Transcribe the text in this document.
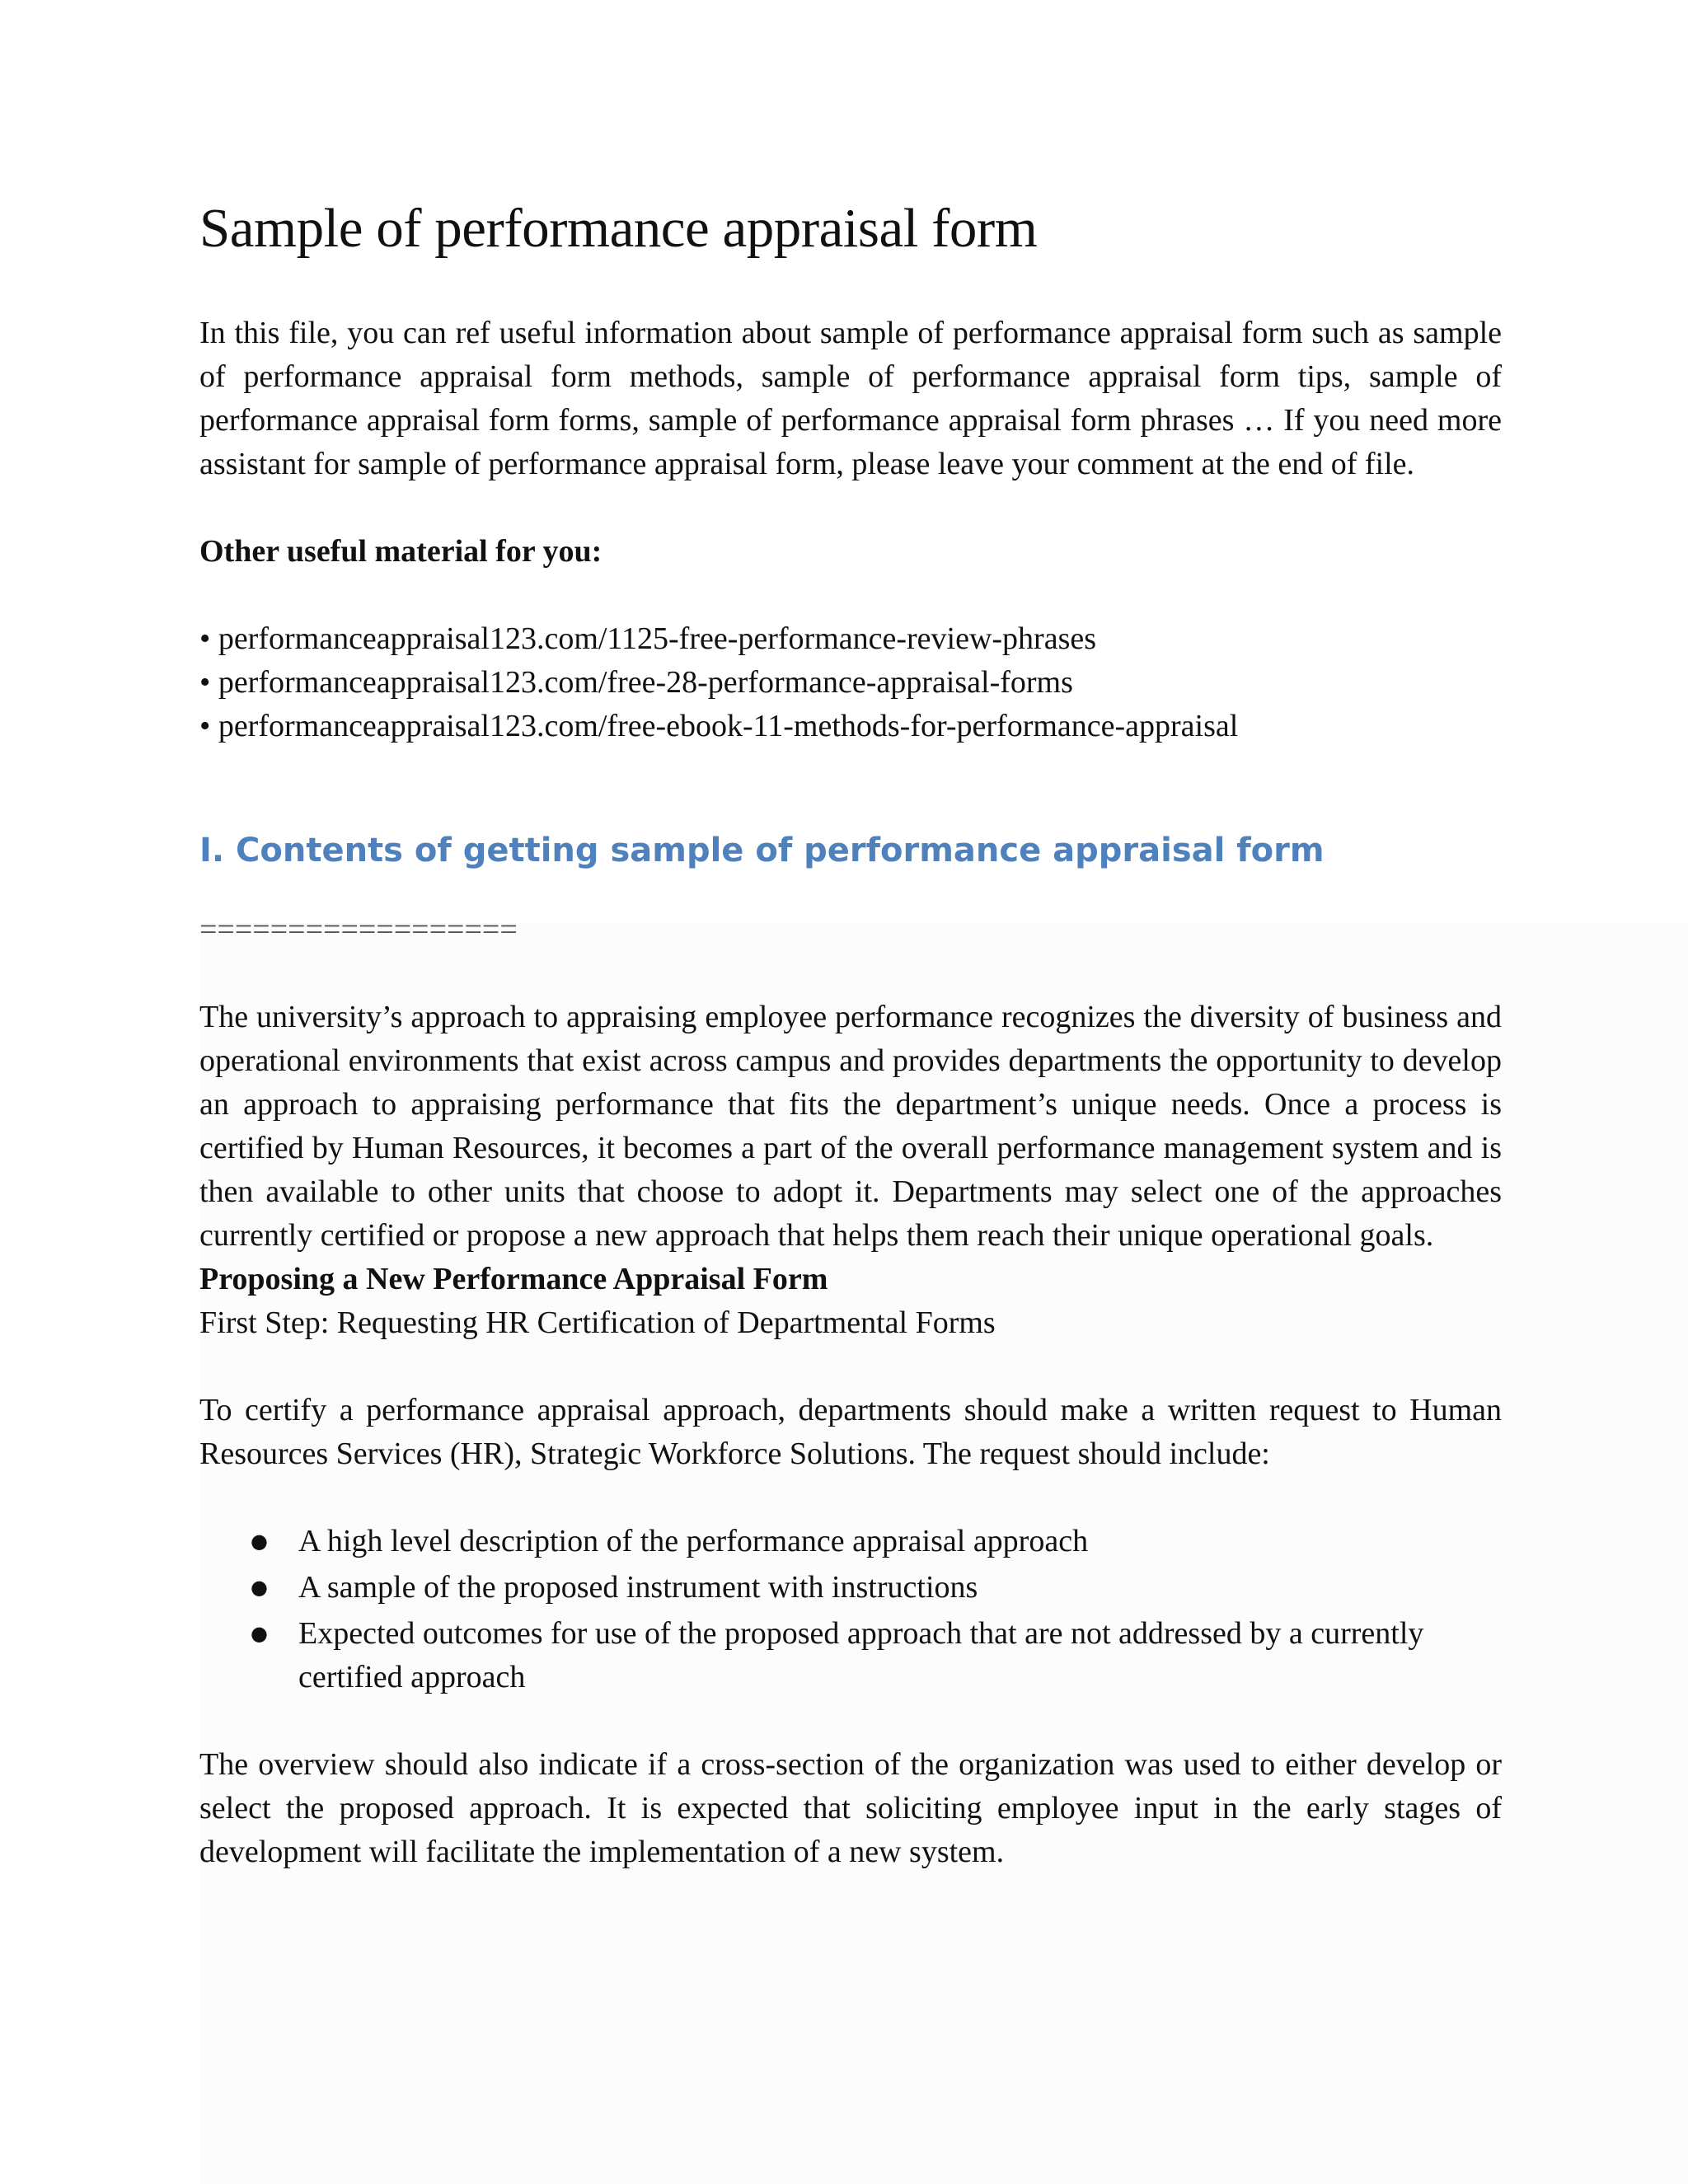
Sample of performance appraisal form

In this file, you can ref useful information about sample of performance appraisal form such as sample of performance appraisal form methods, sample of performance appraisal form tips, sample of performance appraisal form forms, sample of performance appraisal form phrases … If you need more assistant for sample of performance appraisal form, please leave your comment at the end of file.

Other useful material for you:

• performanceappraisal123.com/1125-free-performance-review-phrases
• performanceappraisal123.com/free-28-performance-appraisal-forms
• performanceappraisal123.com/free-ebook-11-methods-for-performance-appraisal
I. Contents of getting sample of performance appraisal form
==================

The university’s approach to appraising employee performance recognizes the diversity of business and operational environments that exist across campus and provides departments the opportunity to develop an approach to appraising performance that fits the department’s unique needs. Once a process is certified by Human Resources, it becomes a part of the overall performance management system and is then available to other units that choose to adopt it. Departments may select one of the approaches currently certified or propose a new approach that helps them reach their unique operational goals.

Proposing a New Performance Appraisal Form

First Step: Requesting HR Certification of Departmental Forms

To certify a performance appraisal approach, departments should make a written request to Human Resources Services (HR), Strategic Workforce Solutions. The request should include:

● A high level description of the performance appraisal approach
● A sample of the proposed instrument with instructions
● Expected outcomes for use of the proposed approach that are not addressed by a currently certified approach

The overview should also indicate if a cross-section of the organization was used to either develop or select the proposed approach. It is expected that soliciting employee input in the early stages of development will facilitate the implementation of a new system.
